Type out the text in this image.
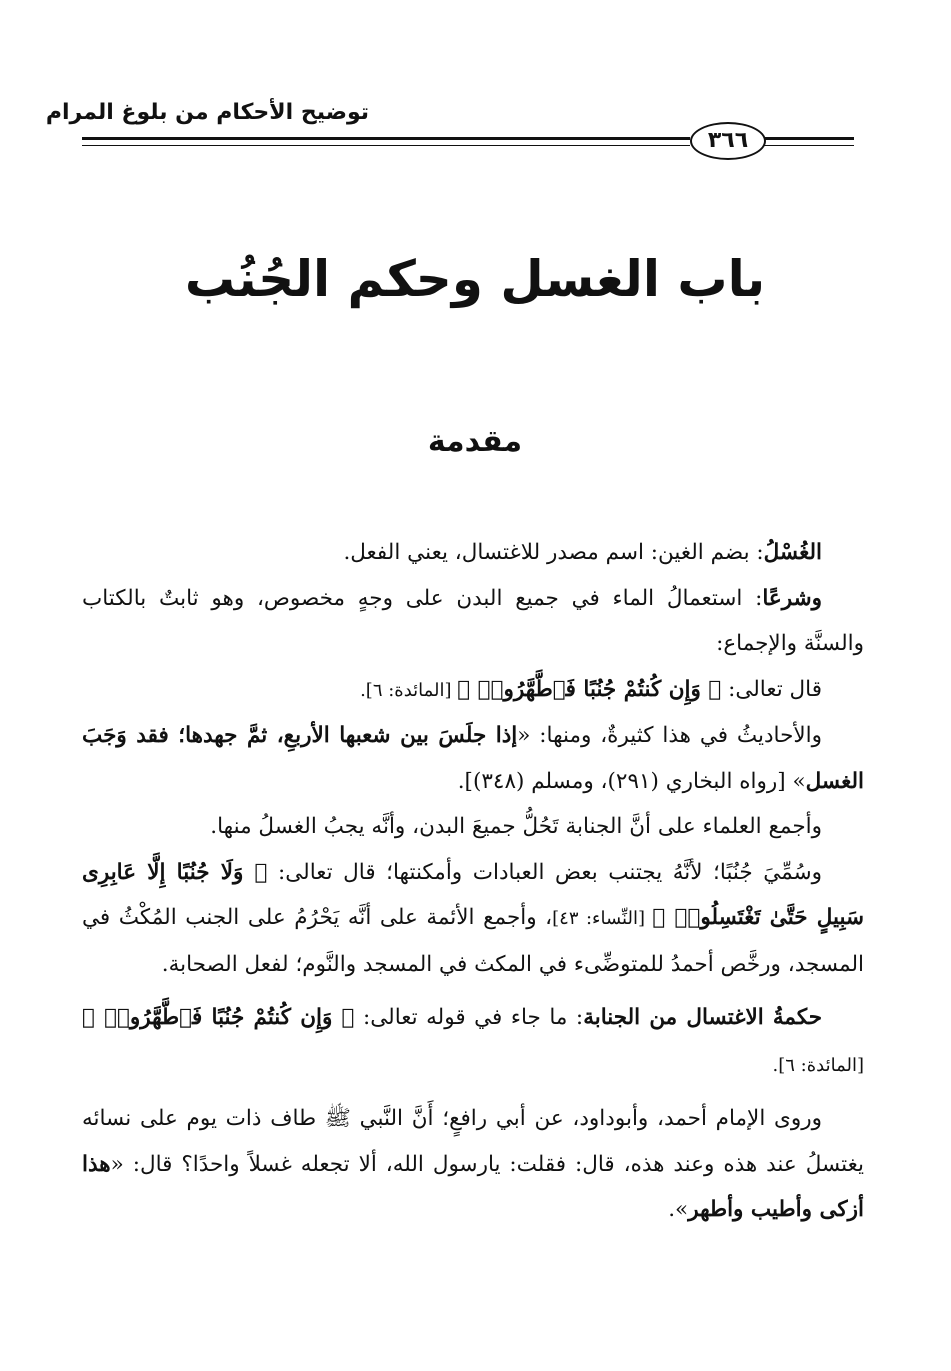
توضيح الأحكام من بلوغ المرام
٣٦٦
باب الغسل وحكم الجُنُب
مقدمة

الغُسْلُ: بضم الغين: اسم مصدر للاغتسال، يعني الفعل.

وشرعًا: استعمالُ الماء في جميع البدن على وجهٍ مخصوص، وهو ثابتٌ بالكتاب والسنَّة والإجماع:

قال تعالى: ﴿ وَإِن كُنتُمْ جُنُبًا فَٱطَّهَّرُوا۟ ﴾ [المائدة: ٦].

والأحاديثُ في هذا كثيرةٌ، ومنها: «إذا جلَسَ بين شعبها الأربعِ، ثمَّ جهدها؛ فقد وَجَبَ الغسل» [رواه البخاري (٢٩١)، ومسلم (٣٤٨)].

وأجمع العلماء على أنَّ الجنابة تَحُلُّ جميعَ البدن، وأنَّه يجبُ الغسلُ منها.

وسُمِّيَ جُنُبًا؛ لأنَّهُ يجتنب بعض العبادات وأمكنتها؛ قال تعالى: ﴿ وَلَا جُنُبًا إِلَّا عَابِرِى سَبِيلٍ حَتَّىٰ تَغْتَسِلُوا۟ ﴾ [النِّساء: ٤٣]، وأجمع الأئمة على أنَّه يَحْرُمُ على الجنب المُكْثُ في المسجد، ورخَّص أحمدُ للمتوضِّىء في المكث في المسجد والنَّوم؛ لفعل الصحابة.

حكمةُ الاغتسال من الجنابة: ما جاء في قوله تعالى: ﴿ وَإِن كُنتُمْ جُنُبًا فَٱطَّهَّرُوا۟ ﴾ [المائدة: ٦].

وروى الإمام أحمد، وأبوداود، عن أبي رافعٍ؛ أَنَّ النَّبي ﷺ طاف ذات يوم على نسائه يغتسلُ عند هذه وعند هذه، قال: فقلت: يارسول الله، ألا تجعله غسلاً واحدًا؟ قال: «هذا أزكى وأطيب وأطهر».
